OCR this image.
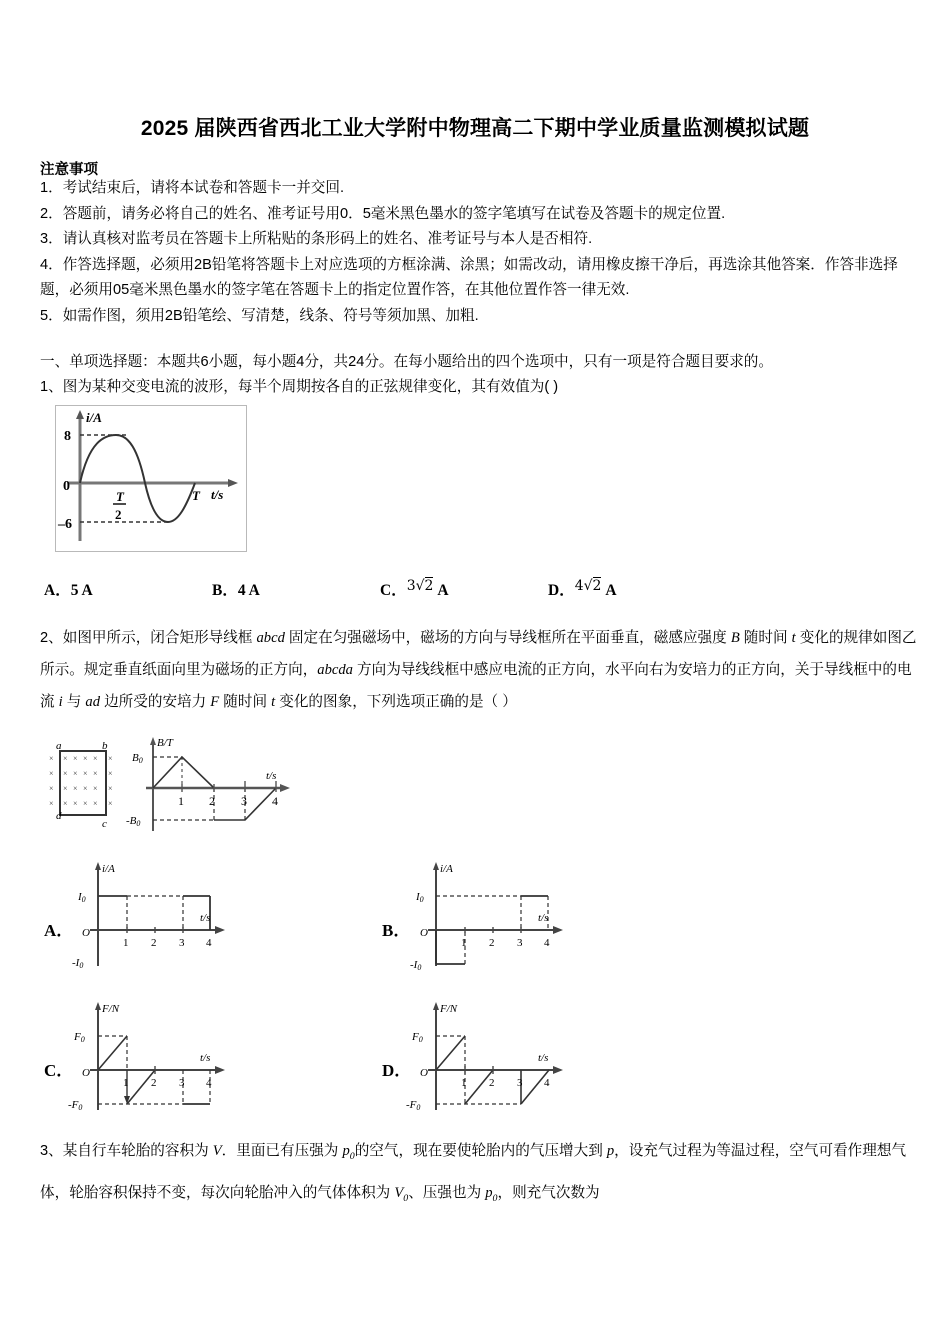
2025 届陕西省西北工业大学附中物理高二下期中学业质量监测模拟试题
注意事项
1．考试结束后，请将本试卷和答题卡一并交回.
2．答题前，请务必将自己的姓名、准考证号用0．5毫米黑色墨水的签字笔填写在试卷及答题卡的规定位置.
3．请认真核对监考员在答题卡上所粘贴的条形码上的姓名、准考证号与本人是否相符.
4．作答选择题，必须用2B铅笔将答题卡上对应选项的方框涂满、涂黑；如需改动，请用橡皮擦干净后，再选涂其他答案．作答非选择题，必须用05毫米黑色墨水的签字笔在答题卡上的指定位置作答，在其他位置作答一律无效.
5．如需作图，须用2B铅笔绘、写清楚，线条、符号等须加黑、加粗.
一、单项选择题：本题共6小题，每小题4分，共24分。在每小题给出的四个选项中，只有一项是符合题目要求的。
1、图为某种交变电流的波形，每半个周期按各自的正弦规律变化，其有效值为( )
i/A
8
0
–6
T
2
T t/s
A．5 A	B．4 A	C．3√2 A	D．4√2 A
2、如图甲所示，闭合矩形导线框 abcd 固定在匀强磁场中，磁场的方向与导线框所在平面垂直，磁感应强度 B 随时间 t 变化的规律如图乙所示。规定垂直纸面向里为磁场的正方向，abcda 方向为导线线框中感应电流的正方向，水平向右为安培力的正方向，关于导线框中的电流 i 与 ad 边所受的安培力 F 随时间 t 变化的图象，下列选项正确的是（ ）
×
×
×
×
× × × ×
× × × ×
× × × ×
× × × ×
×
×
×
×
a	b
c
d
1 2 3 4
B/T
t/s
B0
-B0
A．
1 2 3 4
i/A
t/s
I0
O
-I0
B．
1 2 3 4
i/A
t/s
I0
O
-I0
C．
1 2 3 4
F/N
t/s
F0
O
-F0
D．
1 2 3 4
F/N
t/s
F0
O
-F0
3、某自行车轮胎的容积为 V．里面已有压强为 $p_0$的空气，现在要使轮胎内的气压增大到 p，设充气过程为等温过程，空气可看作理想气体，轮胎容积保持不变，每次向轮胎冲入的气体体积为 $V_0$、压强也为 $p_0$，则充气次数为
